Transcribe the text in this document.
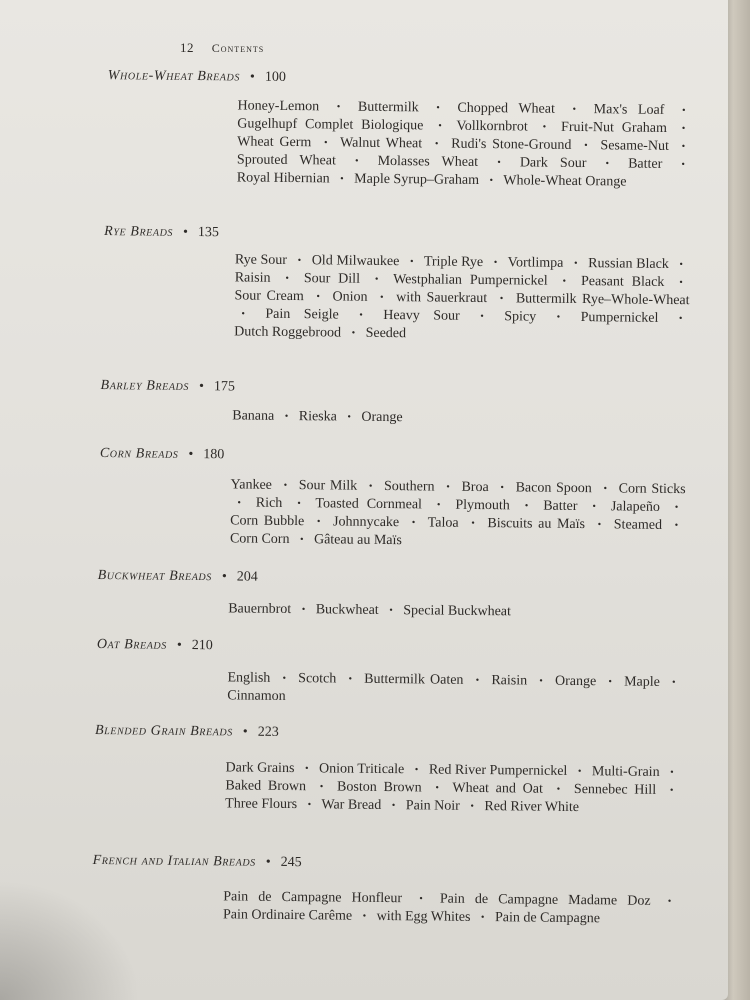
12 Contents
Whole-Wheat Breads • 100
Honey-Lemon • Buttermilk • Chopped Wheat • Max's Loaf • Gugelhupf Complet Biologique • Vollkornbrot • Fruit-Nut Graham • Wheat Germ • Walnut Wheat • Rudi's Stone-Ground • Sesame-Nut • Sprouted Wheat • Molasses Wheat • Dark Sour • Batter • Royal Hibernian • Maple Syrup–Graham • Whole-Wheat Orange
Rye Breads • 135
Rye Sour • Old Milwaukee • Triple Rye • Vortlimpa • Russian Black • Raisin • Sour Dill • Westphalian Pumpernickel • Peasant Black • Sour Cream • Onion • with Sauerkraut • Buttermilk Rye–Whole-Wheat • Pain Seigle • Heavy Sour • Spicy • Pumpernickel • Dutch Roggebrood • Seeded
Barley Breads • 175
Banana • Rieska • Orange
Corn Breads • 180
Yankee • Sour Milk • Southern • Broa • Bacon Spoon • Corn Sticks • Rich • Toasted Cornmeal • Plymouth • Batter • Jalapeño • Corn Bubble • Johnnycake • Taloa • Biscuits au Maïs • Steamed • Corn Corn • Gâteau au Maïs
Buckwheat Breads • 204
Bauernbrot • Buckwheat • Special Buckwheat
Oat Breads • 210
English • Scotch • Buttermilk Oaten • Raisin • Orange • Maple • Cinnamon
Blended Grain Breads • 223
Dark Grains • Onion Triticale • Red River Pumpernickel • Multi-Grain • Baked Brown • Boston Brown • Wheat and Oat • Sennebec Hill • Three Flours • War Bread • Pain Noir • Red River White
French and Italian Breads • 245
Pain de Campagne Honfleur • Pain de Campagne Madame Doz • Pain Ordinaire Carême • with Egg Whites • Pain de Campagne
